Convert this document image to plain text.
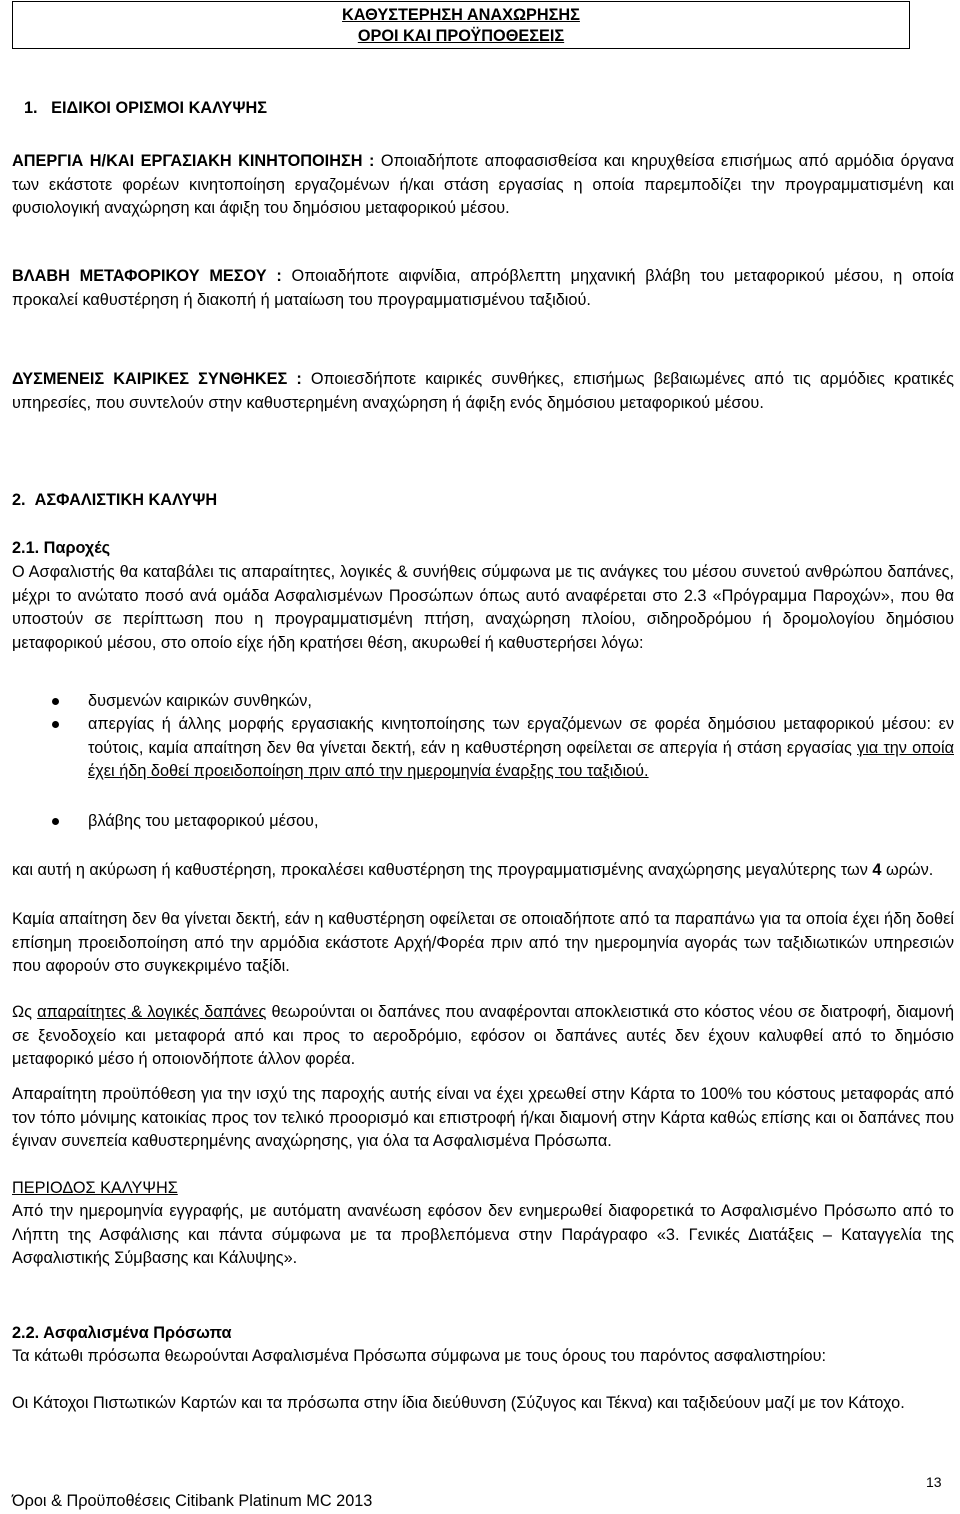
ΚΑΘΥΣΤΕΡΗΣΗ ΑΝΑΧΩΡΗΣΗΣ
ΟΡΟΙ ΚΑΙ ΠΡΟΫΠΟΘΕΣΕΙΣ
1.   ΕΙΔΙΚΟΙ ΟΡΙΣΜΟΙ ΚΑΛΥΨΗΣ
ΑΠΕΡΓΙΑ Η/ΚΑΙ ΕΡΓΑΣΙΑΚΗ ΚΙΝΗΤΟΠΟΙΗΣΗ : Οποιαδήποτε αποφασισθείσα και κηρυχθείσα επισήμως από αρμόδια όργανα των εκάστοτε φορέων κινητοποίηση εργαζομένων ή/και στάση εργασίας η οποία παρεμποδίζει την προγραμματισμένη και φυσιολογική αναχώρηση και άφιξη του δημόσιου μεταφορικού μέσου.
ΒΛΑΒΗ ΜΕΤΑΦΟΡΙΚΟΥ ΜΕΣΟΥ : Οποιαδήποτε αιφνίδια, απρόβλεπτη μηχανική βλάβη του μεταφορικού μέσου, η οποία προκαλεί καθυστέρηση ή διακοπή ή ματαίωση του προγραμματισμένου ταξιδιού.
ΔΥΣΜΕΝΕΙΣ ΚΑΙΡΙΚΕΣ ΣΥΝΘΗΚΕΣ : Οποιεσδήποτε καιρικές συνθήκες, επισήμως βεβαιωμένες από τις αρμόδιες κρατικές υπηρεσίες, που συντελούν στην καθυστερημένη αναχώρηση ή άφιξη ενός δημόσιου μεταφορικού μέσου.
2.  ΑΣΦΑΛΙΣΤΙΚΗ ΚΑΛΥΨΗ
2.1. Παροχές
Ο Ασφαλιστής θα καταβάλει τις απαραίτητες, λογικές & συνήθεις σύμφωνα με τις ανάγκες του μέσου συνετού ανθρώπου δαπάνες, μέχρι το ανώτατο ποσό ανά ομάδα Ασφαλισμένων Προσώπων όπως αυτό αναφέρεται στο 2.3 «Πρόγραμμα Παροχών», που θα υποστούν σε περίπτωση που η προγραμματισμένη πτήση, αναχώρηση πλοίου, σιδηροδρόμου ή δρομολογίου δημόσιου μεταφορικού μέσου, στο οποίο είχε ήδη κρατήσει θέση, ακυρωθεί ή καθυστερήσει λόγω:
δυσμενών καιρικών συνθηκών,
απεργίας ή άλλης μορφής εργασιακής κινητοποίησης των εργαζόμενων σε φορέα δημόσιου μεταφορικού μέσου: εν τούτοις, καμία απαίτηση δεν θα γίνεται δεκτή, εάν η καθυστέρηση οφείλεται σε απεργία ή στάση εργασίας για την οποία έχει ήδη δοθεί προειδοποίηση πριν από την ημερομηνία έναρξης του ταξιδιού.
βλάβης του μεταφορικού μέσου,
και αυτή η ακύρωση ή καθυστέρηση, προκαλέσει καθυστέρηση της προγραμματισμένης αναχώρησης μεγαλύτερης των 4 ωρών.
Καμία απαίτηση δεν θα γίνεται δεκτή, εάν η καθυστέρηση οφείλεται σε οποιαδήποτε από τα παραπάνω για τα οποία έχει ήδη δοθεί επίσημη προειδοποίηση από την αρμόδια εκάστοτε Αρχή/Φορέα πριν από την ημερομηνία αγοράς των ταξιδιωτικών υπηρεσιών που αφορούν στο συγκεκριμένο ταξίδι.
Ως απαραίτητες & λογικές δαπάνες θεωρούνται οι δαπάνες που αναφέρονται αποκλειστικά στο κόστος νέου σε διατροφή, διαμονή σε ξενοδοχείο και μεταφορά από και προς το αεροδρόμιο, εφόσον οι δαπάνες αυτές δεν έχουν καλυφθεί από το δημόσιο μεταφορικό μέσο ή οποιονδήποτε άλλον φορέα.
Απαραίτητη προϋπόθεση για την ισχύ της παροχής αυτής είναι να έχει χρεωθεί στην Κάρτα το 100% του κόστους μεταφοράς από τον τόπο μόνιμης κατοικίας προς τον τελικό προορισμό και επιστροφή ή/και διαμονή στην Κάρτα καθώς επίσης και οι δαπάνες που έγιναν συνεπεία καθυστερημένης αναχώρησης, για όλα τα Ασφαλισμένα Πρόσωπα.
ΠΕΡΙΟΔΟΣ ΚΑΛΥΨΗΣ
Από την ημερομηνία εγγραφής, με αυτόματη ανανέωση εφόσον δεν ενημερωθεί διαφορετικά το Ασφαλισμένο Πρόσωπο από το Λήπτη της Ασφάλισης και πάντα σύμφωνα με τα προβλεπόμενα στην Παράγραφο «3. Γενικές Διατάξεις – Καταγγελία της Ασφαλιστικής Σύμβασης και Κάλυψης».
2.2. Ασφαλισμένα Πρόσωπα
Τα κάτωθι πρόσωπα θεωρούνται Ασφαλισμένα Πρόσωπα σύμφωνα με τους όρους του παρόντος ασφαλιστηρίου:
Οι Κάτοχοι Πιστωτικών Καρτών και τα πρόσωπα στην ίδια διεύθυνση (Σύζυγος και Τέκνα) και ταξιδεύουν μαζί με τον Κάτοχο.
13
Όροι & Προϋποθέσεις Citibank Platinum MC 2013
